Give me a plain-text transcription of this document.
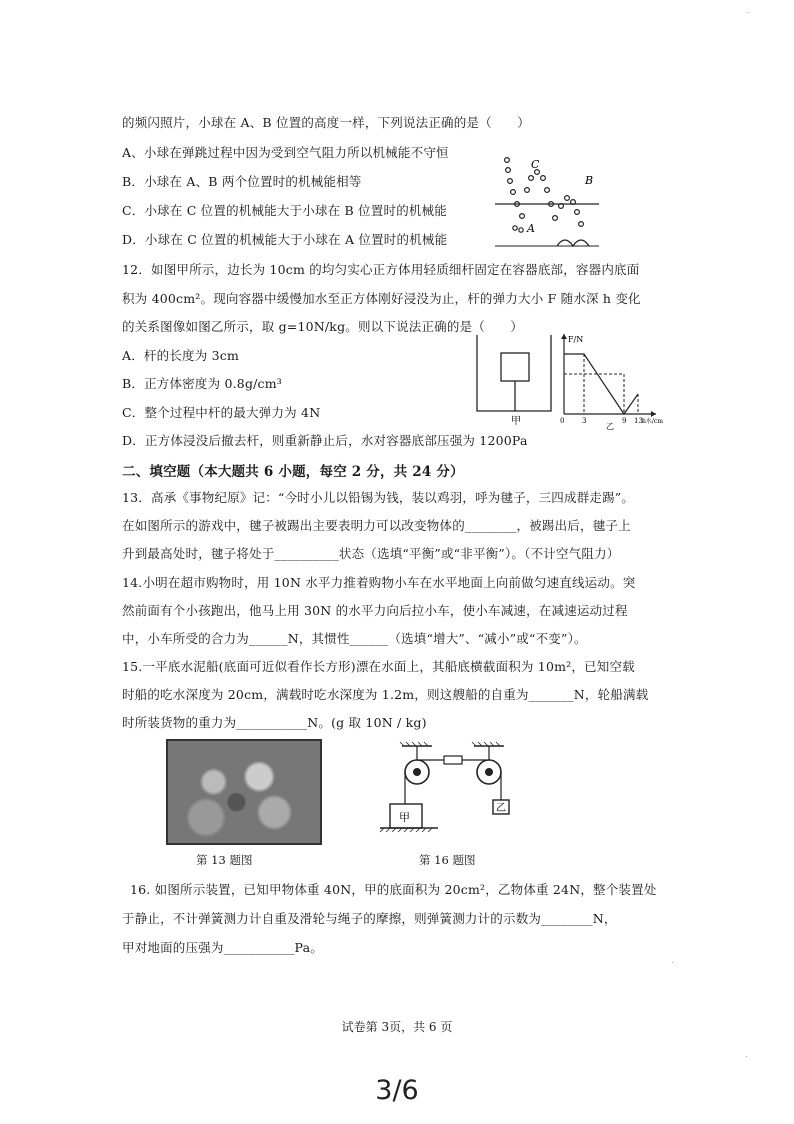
的频闪照片，小球在 A、B 位置的高度一样，下列说法正确的是（　　）
A、小球在弹跳过程中因为受到空气阻力所以机械能不守恒
B．小球在 A、B 两个位置时的机械能相等
C．小球在 C 位置的机械能大于小球在 B 位置时的机械能
D．小球在 C 位置的机械能大于小球在 A 位置时的机械能
C
B
A
12．如图甲所示，边长为 10cm 的均匀实心正方体用轻质细杆固定在容器底部，容器内底面
积为 400cm²。现向容器中缓慢加水至正方体刚好浸没为止，杆的弹力大小 F 随水深 h 变化
的关系图像如图乙所示，取 g=10N/kg。则以下说法正确的是（　　）
A．杆的长度为 3cm
B．正方体密度为 0.8g/cm³
C．整个过程中杆的最大弹力为 4N
D．正方体浸没后撤去杆，则重新静止后，水对容器底部压强为 1200Pa
甲
F/N
0	3	9 13 h水/cm
乙
二、填空题（本大题共 6 小题，每空 2 分，共 24 分）
13．高承《事物纪原》记：“今时小儿以铅锡为钱，装以鸡羽，呼为毽子，三四成群走踢”。
在如图所示的游戏中，毽子被踢出主要表明力可以改变物体的________，被踢出后，毽子上
升到最高处时，毽子将处于__________状态（选填“平衡”或“非平衡”）。（不计空气阻力）
14.小明在超市购物时，用 10N 水平力推着购物小车在水平地面上向前做匀速直线运动。突
然前面有个小孩跑出，他马上用 30N 的水平力向后拉小车，使小车减速，在减速运动过程
中，小车所受的合力为______N，其惯性______（选填“增大”、“减小”或“不变”）。
15.一平底水泥船(底面可近似看作长方形)漂在水面上，其船底横截面积为 10m²，已知空载
时船的吃水深度为 20cm，满载时吃水深度为 1.2m，则这艘船的自重为_______N，轮船满载
时所装货物的重力为___________N。(g 取 10N / kg)
第 13 题图
甲
乙
第 16 题图
16. 如图所示装置，已知甲物体重 40N，甲的底面积为 20cm²，乙物体重 24N，整个装置处
于静止，不计弹簧测力计自重及滑轮与绳子的摩擦，则弹簧测力计的示数为________N，
甲对地面的压强为___________Pa。
试卷第 3页，共 6 页
3/6
